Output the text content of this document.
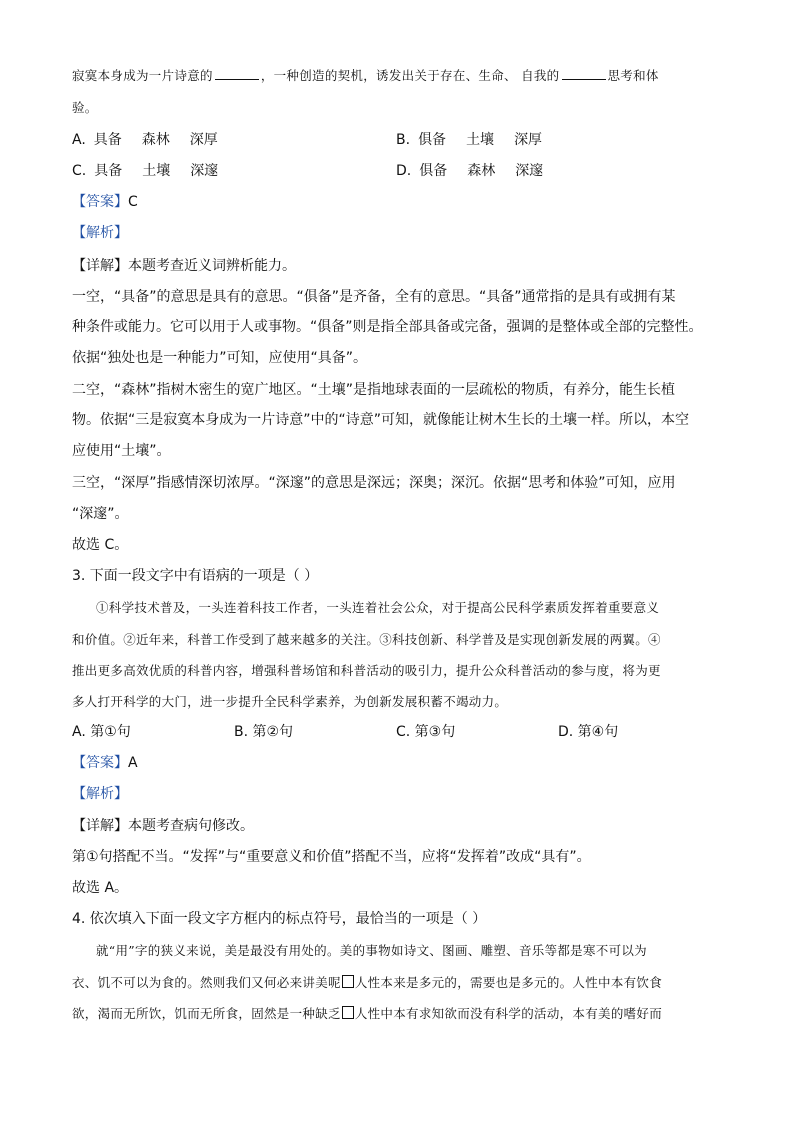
寂寞本身成为一片诗意的	，一种创造的契机，诱发出关于存在、生命、 自我的	思考和体
验。
A. 具备 森林 深厚	B. 俱备 土壤 深厚
C. 具备 土壤 深邃	D. 俱备 森林 深邃
【答案】C
【解析】
【详解】本题考查近义词辨析能力。
一空，“具备”的意思是具有的意思。“俱备”是齐备，全有的意思。“具备”通常指的是具有或拥有某
种条件或能力。它可以用于人或事物。“俱备”则是指全部具备或完备，强调的是整体或全部的完整性。
依据“独处也是一种能力”可知，应使用“具备”。
二空，“森林”指树木密生的宽广地区。“土壤”是指地球表面的一层疏松的物质，有养分，能生长植
物。依据“三是寂寞本身成为一片诗意”中的“诗意”可知，就像能让树木生长的土壤一样。所以，本空
应使用“土壤”。
三空，“深厚”指感情深切浓厚。“深邃”的意思是深远；深奥；深沉。依据“思考和体验”可知，应用
“深邃”。
故选 C。
3. 下面一段文字中有语病的一项是（ ）
①科学技术普及，一头连着科技工作者，一头连着社会公众，对于提高公民科学素质发挥着重要意义
和价值。②近年来，科普工作受到了越来越多的关注。③科技创新、科学普及是实现创新发展的两翼。④
推出更多高效优质的科普内容，增强科普场馆和科普活动的吸引力，提升公众科普活动的参与度，将为更
多人打开科学的大门，进一步提升全民科学素养，为创新发展积蓄不竭动力。
A. 第①句	B. 第②句	C. 第③句	D. 第④句
【答案】A
【解析】
【详解】本题考查病句修改。
第①句搭配不当。“发挥”与“重要意义和价值”搭配不当，应将“发挥着”改成“具有”。
故选 A。
4. 依次填入下面一段文字方框内的标点符号，最恰当的一项是（ ）
就“用”字的狭义来说，美是最没有用处的。美的事物如诗文、图画、雕塑、音乐等都是寒不可以为
衣、饥不可以为食的。然则我们又何必来讲美呢 人性本来是多元的，需要也是多元的。人性中本有饮食
欲，渴而无所饮，饥而无所食，固然是一种缺乏 人性中本有求知欲而没有科学的活动，本有美的嗜好而
